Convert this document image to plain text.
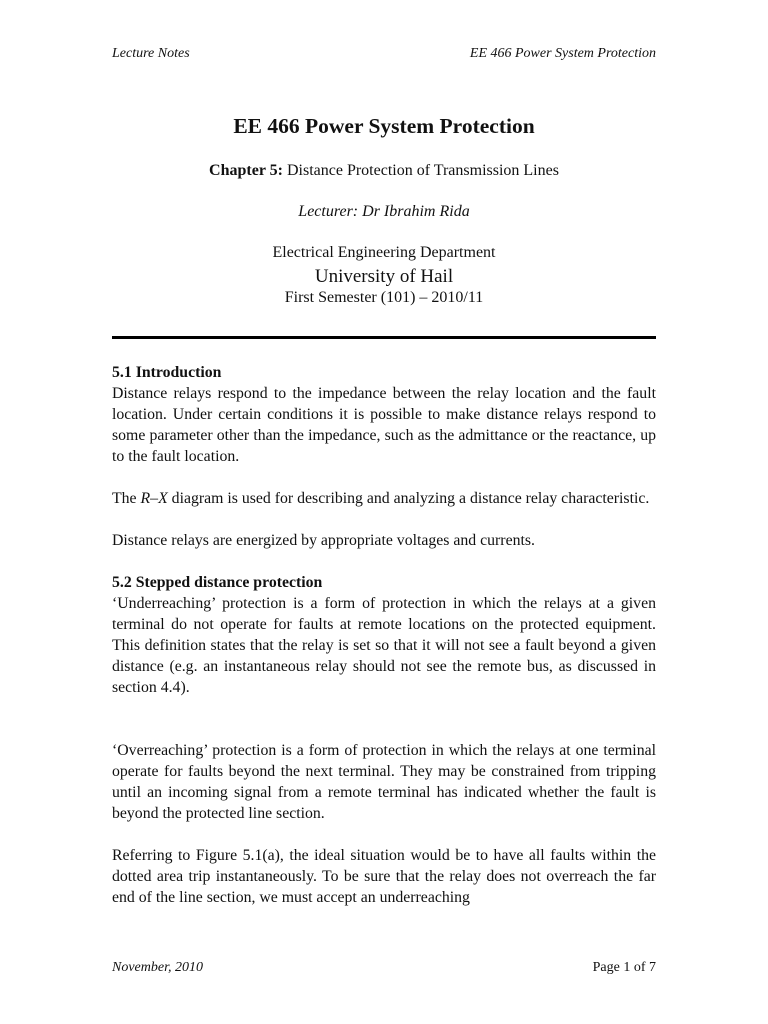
Lecture Notes	EE 466 Power System Protection
EE 466 Power System Protection
Chapter 5: Distance Protection of Transmission Lines
Lecturer: Dr Ibrahim Rida
Electrical Engineering Department
University of Hail
First Semester (101) – 2010/11

5.1 Introduction

Distance relays respond to the impedance between the relay location and the fault location. Under certain conditions it is possible to make distance relays respond to some parameter other than the impedance, such as the admittance or the reactance, up to the fault location.

The R–X diagram is used for describing and analyzing a distance relay characteristic.

Distance relays are energized by appropriate voltages and currents.

5.2 Stepped distance protection

‘Underreaching’ protection is a form of protection in which the relays at a given terminal do not operate for faults at remote locations on the protected equipment. This definition states that the relay is set so that it will not see a fault beyond a given distance (e.g. an instantaneous relay should not see the remote bus, as discussed in section 4.4).

‘Overreaching’ protection is a form of protection in which the relays at one terminal operate for faults beyond the next terminal. They may be constrained from tripping until an incoming signal from a remote terminal has indicated whether the fault is beyond the protected line section.

Referring to Figure 5.1(a), the ideal situation would be to have all faults within the dotted area trip instantaneously. To be sure that the relay does not overreach the far end of the line section, we must accept an underreaching

November, 2010	Page 1 of 7
